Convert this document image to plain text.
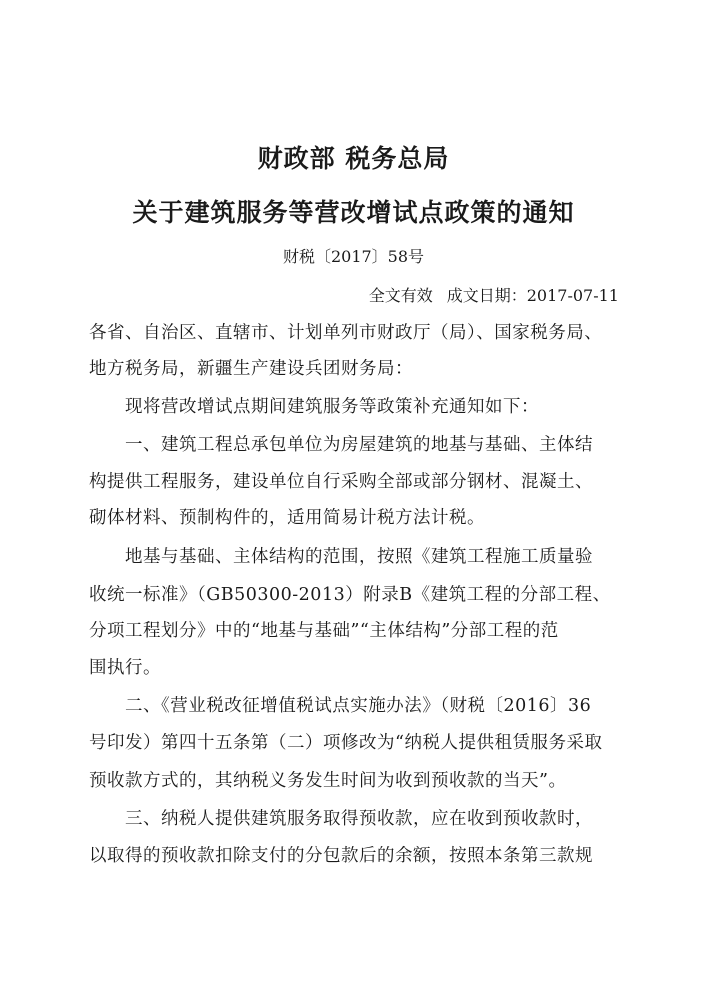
财政部 税务总局
关于建筑服务等营改增试点政策的通知
财税〔2017〕58号
全文有效 成文日期：2017-07-11
各省、自治区、直辖市、计划单列市财政厅（局）、国家税务局、
地方税务局，新疆生产建设兵团财务局：
　　现将营改增试点期间建筑服务等政策补充通知如下：
　　一、建筑工程总承包单位为房屋建筑的地基与基础、主体结
构提供工程服务，建设单位自行采购全部或部分钢材、混凝土、
砌体材料、预制构件的，适用简易计税方法计税。
　　地基与基础、主体结构的范围，按照《建筑工程施工质量验
收统一标准》（GB50300-2013）附录B《建筑工程的分部工程、
分项工程划分》中的“地基与基础”“主体结构”分部工程的范
围执行。
　　二、《营业税改征增值税试点实施办法》（财税〔2016〕36
号印发）第四十五条第（二）项修改为“纳税人提供租赁服务采取
预收款方式的，其纳税义务发生时间为收到预收款的当天”。
　　三、纳税人提供建筑服务取得预收款，应在收到预收款时，
以取得的预收款扣除支付的分包款后的余额，按照本条第三款规
